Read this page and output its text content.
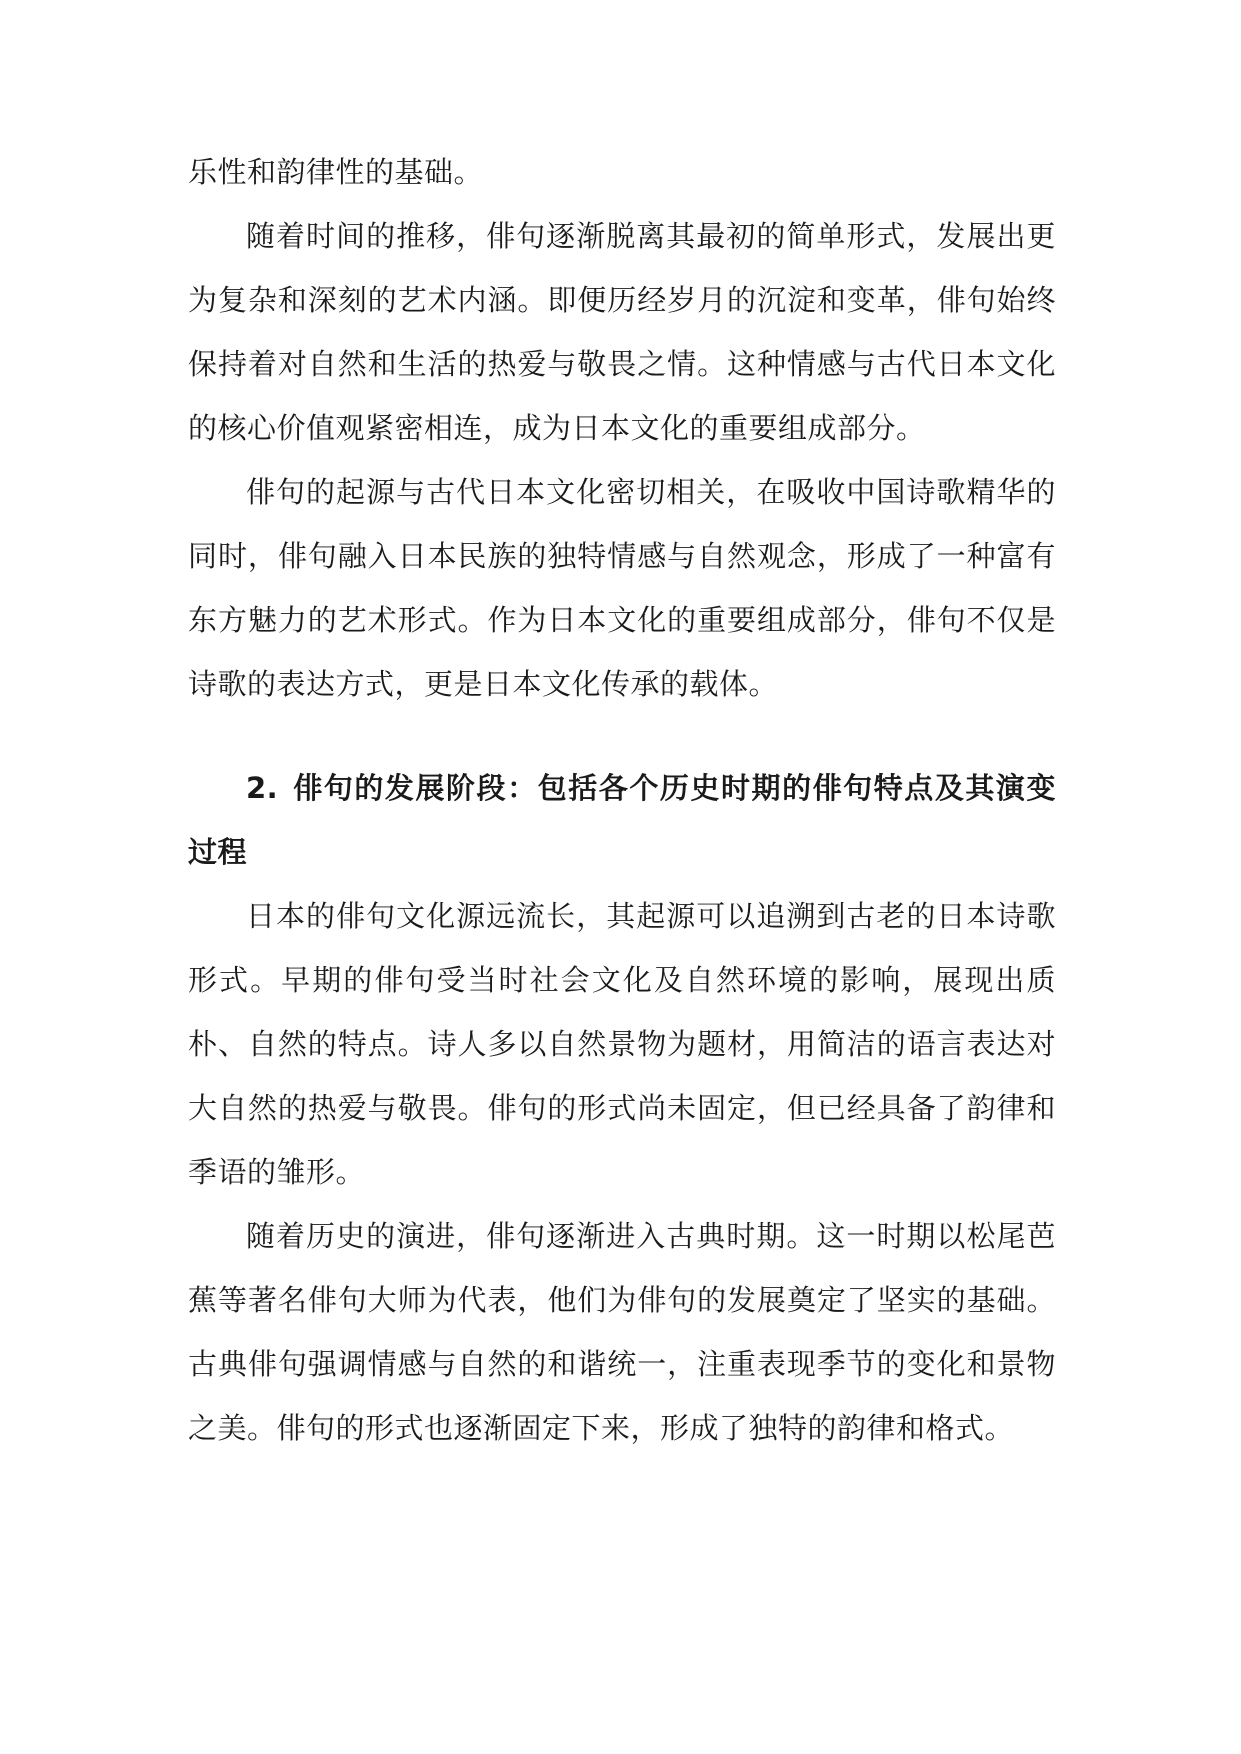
乐性和韵律性的基础。

随着时间的推移，俳句逐渐脱离其最初的简单形式，发展出更为复杂和深刻的艺术内涵。即便历经岁月的沉淀和变革，俳句始终保持着对自然和生活的热爱与敬畏之情。这种情感与古代日本文化的核心价值观紧密相连，成为日本文化的重要组成部分。

俳句的起源与古代日本文化密切相关，在吸收中国诗歌精华的同时，俳句融入日本民族的独特情感与自然观念，形成了一种富有东方魅力的艺术形式。作为日本文化的重要组成部分，俳句不仅是诗歌的表达方式，更是日本文化传承的载体。

2. 俳句的发展阶段：包括各个历史时期的俳句特点及其演变过程

日本的俳句文化源远流长，其起源可以追溯到古老的日本诗歌形式。早期的俳句受当时社会文化及自然环境的影响，展现出质朴、自然的特点。诗人多以自然景物为题材，用简洁的语言表达对大自然的热爱与敬畏。俳句的形式尚未固定，但已经具备了韵律和季语的雏形。

随着历史的演进，俳句逐渐进入古典时期。这一时期以松尾芭蕉等著名俳句大师为代表，他们为俳句的发展奠定了坚实的基础。古典俳句强调情感与自然的和谐统一，注重表现季节的变化和景物之美。俳句的形式也逐渐固定下来，形成了独特的韵律和格式。
